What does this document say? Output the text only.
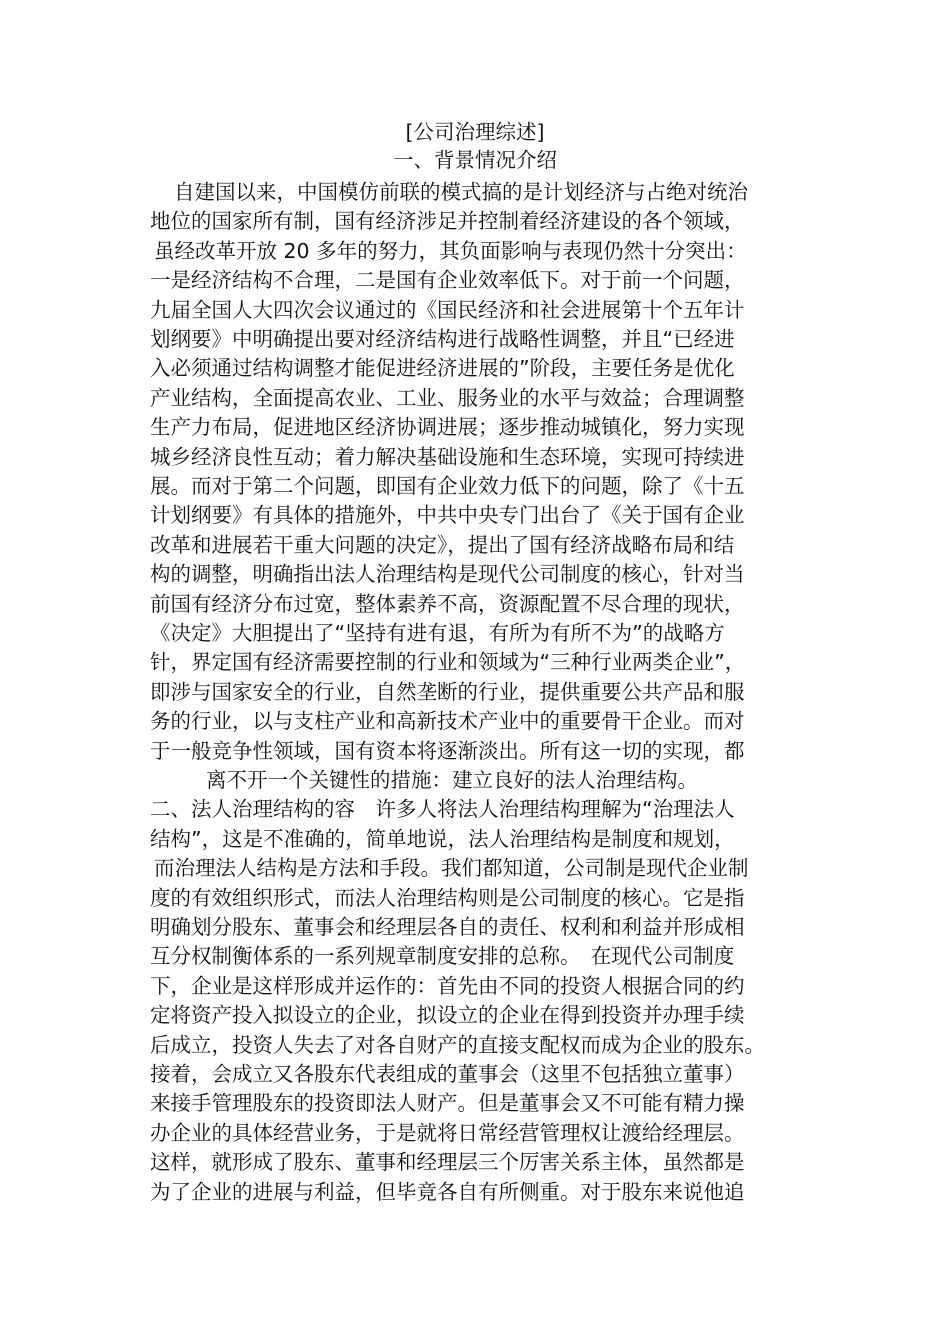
[公司治理综述]
一、背景情况介绍
自建国以来，中国模仿前联的模式搞的是计划经济与占绝对统治
地位的国家所有制，国有经济涉足并控制着经济建设的各个领域，
虽经改革开放 20 多年的努力，其负面影响与表现仍然十分突出：
一是经济结构不合理，二是国有企业效率低下。对于前一个问题，
九届全国人大四次会议通过的《国民经济和社会进展第十个五年计
划纲要》中明确提出要对经济结构进行战略性调整，并且“已经进
入必须通过结构调整才能促进经济进展的”阶段，主要任务是优化
产业结构，全面提高农业、工业、服务业的水平与效益；合理调整
生产力布局，促进地区经济协调进展；逐步推动城镇化，努力实现
城乡经济良性互动；着力解决基础设施和生态环境，实现可持续进
展。而对于第二个问题，即国有企业效力低下的问题，除了《十五
计划纲要》有具体的措施外，中共中央专门出台了《关于国有企业
改革和进展若干重大问题的决定》，提出了国有经济战略布局和结
构的调整，明确指出法人治理结构是现代公司制度的核心，针对当
前国有经济分布过宽，整体素养不高，资源配置不尽合理的现状，
《决定》大胆提出了“坚持有进有退，有所为有所不为”的战略方
针，界定国有经济需要控制的行业和领域为“三种行业两类企业”，
即涉与国家安全的行业，自然垄断的行业，提供重要公共产品和服
务的行业，以与支柱产业和高新技术产业中的重要骨干企业。而对
于一般竞争性领域，国有资本将逐渐淡出。所有这一切的实现，都
离不开一个关键性的措施：建立良好的法人治理结构。
二、法人治理结构的容　许多人将法人治理结构理解为“治理法人
结构”，这是不准确的，简单地说，法人治理结构是制度和规划，
而治理法人结构是方法和手段。我们都知道，公司制是现代企业制
度的有效组织形式，而法人治理结构则是公司制度的核心。它是指
明确划分股东、董事会和经理层各自的责任、权利和利益并形成相
互分权制衡体系的一系列规章制度安排的总称。　在现代公司制度
下，企业是这样形成并运作的：首先由不同的投资人根据合同的约
定将资产投入拟设立的企业，拟设立的企业在得到投资并办理手续
后成立，投资人失去了对各自财产的直接支配权而成为企业的股东。
接着，会成立又各股东代表组成的董事会（这里不包括独立董事）
来接手管理股东的投资即法人财产。但是董事会又不可能有精力操
办企业的具体经营业务，于是就将日常经营管理权让渡给经理层。
这样，就形成了股东、董事和经理层三个厉害关系主体，虽然都是
为了企业的进展与利益，但毕竟各自有所侧重。对于股东来说他追
